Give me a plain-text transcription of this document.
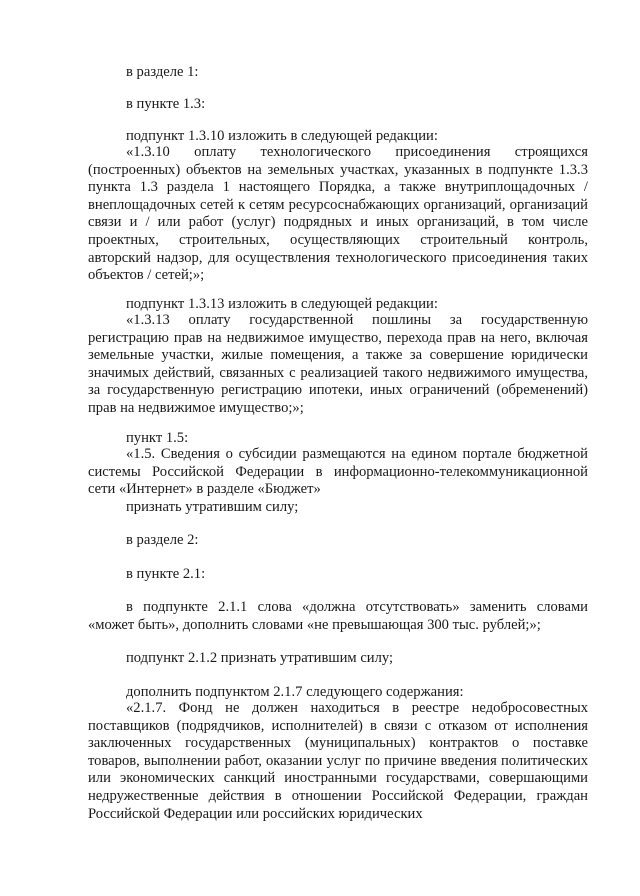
в разделе 1:

в пункте 1.3:

подпункт 1.3.10 изложить в следующей редакции:

«1.3.10 оплату технологического присоединения строящихся (построенных) объектов на земельных участках, указанных в подпункте 1.3.3 пункта 1.3 раздела 1 настоящего Порядка, а также внутриплощадочных / внеплощадочных сетей к сетям ресурсоснабжающих организаций, организаций связи и / или работ (услуг) подрядных и иных организаций, в том числе проектных, строительных, осуществляющих строительный контроль, авторский надзор, для осуществления технологического присоединения таких объектов / сетей;»;

подпункт 1.3.13 изложить в следующей редакции:

«1.3.13 оплату государственной пошлины за государственную регистрацию прав на недвижимое имущество, перехода прав на него, включая земельные участки, жилые помещения, а также за совершение юридически значимых действий, связанных с реализацией такого недвижимого имущества, за государственную регистрацию ипотеки, иных ограничений (обременений) прав на недвижимое имущество;»;

пункт 1.5:

«1.5. Сведения о субсидии размещаются на едином портале бюджетной системы Российской Федерации в информационно-телекоммуникационной сети «Интернет» в разделе «Бюджет»

признать утратившим силу;

в разделе 2:

в пункте 2.1:

в подпункте 2.1.1 слова «должна отсутствовать» заменить словами «может быть», дополнить словами «не превышающая 300 тыс. рублей;»;

подпункт 2.1.2 признать утратившим силу;

дополнить подпунктом 2.1.7 следующего содержания:

«2.1.7. Фонд не должен находиться в реестре недобросовестных поставщиков (подрядчиков, исполнителей) в связи с отказом от исполнения заключенных государственных (муниципальных) контрактов о поставке товаров, выполнении работ, оказании услуг по причине введения политических или экономических санкций иностранными государствами, совершающими недружественные действия в отношении Российской Федерации, граждан Российской Федерации или российских юридических
